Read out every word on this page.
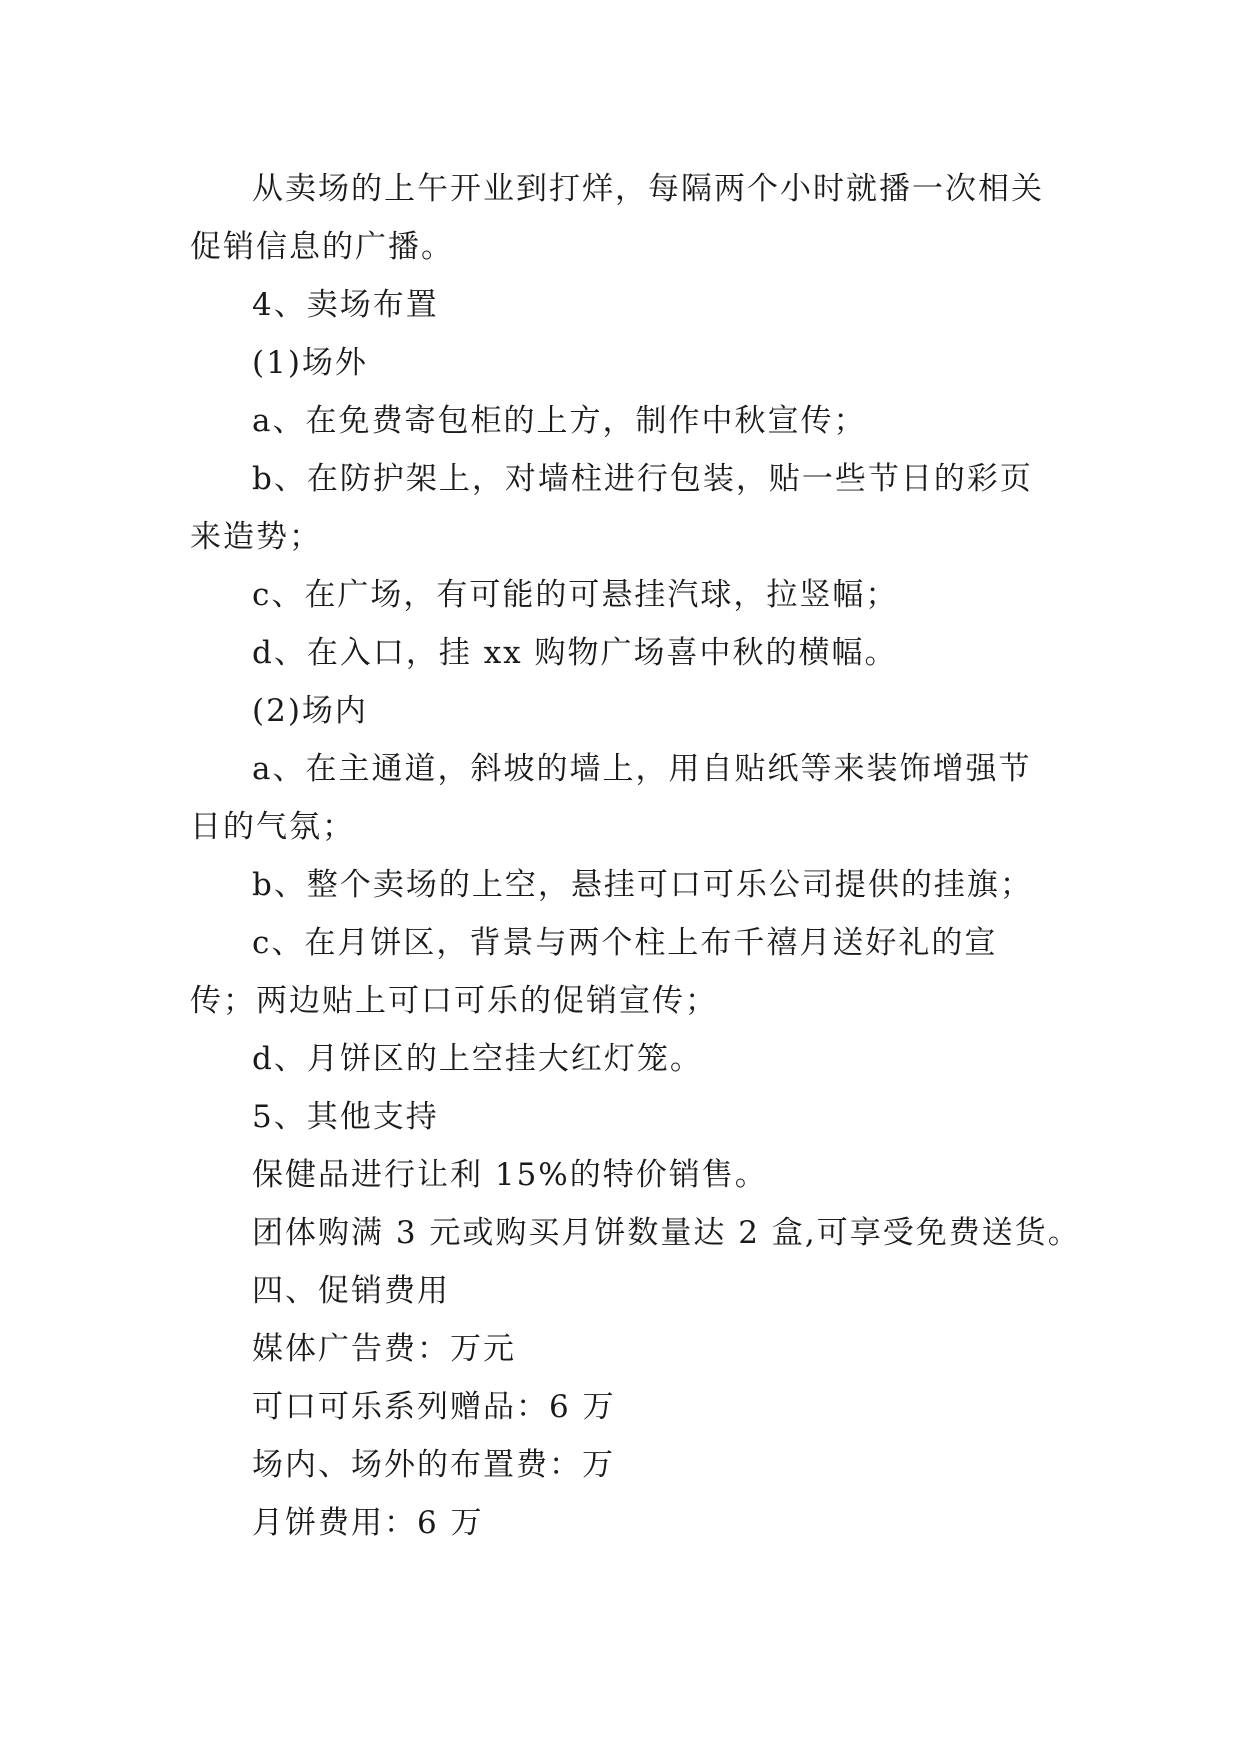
从卖场的上午开业到打烊，每隔两个小时就播一次相关促销信息的广播。

4、卖场布置

(1)场外

a、在免费寄包柜的上方，制作中秋宣传；

b、在防护架上，对墙柱进行包装，贴一些节日的彩页来造势；

c、在广场，有可能的可悬挂汽球，拉竖幅；

d、在入口，挂 xx 购物广场喜中秋的横幅。

(2)场内

a、在主通道，斜坡的墙上，用自贴纸等来装饰增强节日的气氛；

b、整个卖场的上空，悬挂可口可乐公司提供的挂旗；

c、在月饼区，背景与两个柱上布千禧月送好礼的宣传；两边贴上可口可乐的促销宣传；

d、月饼区的上空挂大红灯笼。

5、其他支持

保健品进行让利 15%的特价销售。

团体购满 3 元或购买月饼数量达 2 盒,可享受免费送货。

四、促销费用

媒体广告费：万元

可口可乐系列赠品：6 万

场内、场外的布置费：万

月饼费用：6 万
